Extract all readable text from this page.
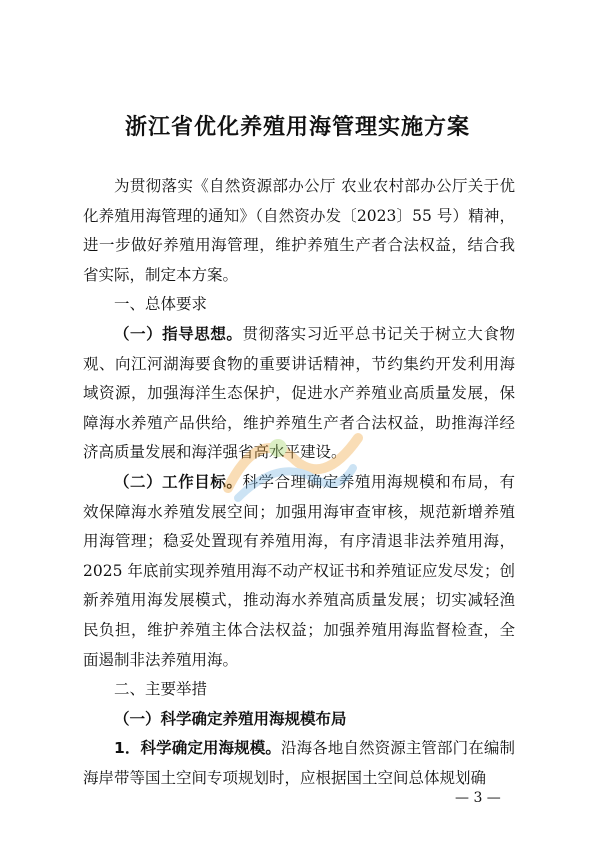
浙江省优化养殖用海管理实施方案

为贯彻落实《自然资源部办公厅 农业农村部办公厅关于优化养殖用海管理的通知》（自然资办发〔2023〕55 号）精神，进一步做好养殖用海管理，维护养殖生产者合法权益，结合我省实际，制定本方案。

一、总体要求

（一）指导思想。贯彻落实习近平总书记关于树立大食物观、向江河湖海要食物的重要讲话精神，节约集约开发利用海域资源，加强海洋生态保护，促进水产养殖业高质量发展，保障海水养殖产品供给，维护养殖生产者合法权益，助推海洋经济高质量发展和海洋强省高水平建设。

（二）工作目标。科学合理确定养殖用海规模和布局，有效保障海水养殖发展空间；加强用海审查审核，规范新增养殖用海管理；稳妥处置现有养殖用海，有序清退非法养殖用海，2025 年底前实现养殖用海不动产权证书和养殖证应发尽发；创新养殖用海发展模式，推动海水养殖高质量发展；切实减轻渔民负担，维护养殖主体合法权益；加强养殖用海监督检查，全面遏制非法养殖用海。

二、主要举措

（一）科学确定养殖用海规模布局

1．科学确定用海规模。沿海各地自然资源主管部门在编制海岸带等国土空间专项规划时，应根据国土空间总体规划确

— 3 —
